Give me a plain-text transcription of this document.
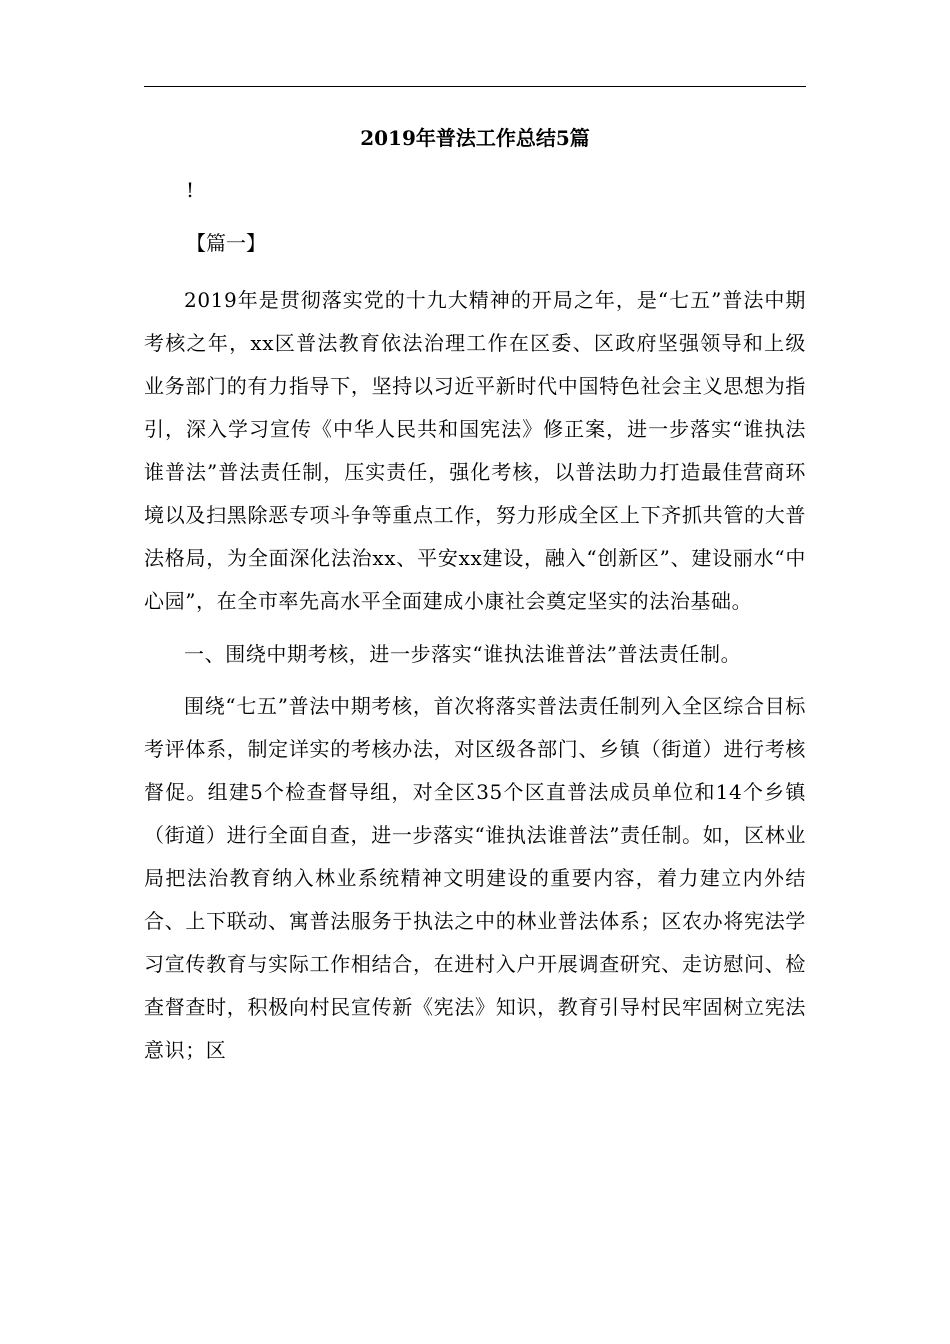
2019年普法工作总结5篇
!
【篇一】

2019年是贯彻落实党的十九大精神的开局之年，是“七五”普法中期考核之年，xx区普法教育依法治理工作在区委、区政府坚强领导和上级业务部门的有力指导下，坚持以习近平新时代中国特色社会主义思想为指引，深入学习宣传《中华人民共和国宪法》修正案，进一步落实“谁执法谁普法”普法责任制，压实责任，强化考核，以普法助力打造最佳营商环境以及扫黑除恶专项斗争等重点工作，努力形成全区上下齐抓共管的大普法格局，为全面深化法治xx、平安xx建设，融入“创新区”、建设丽水“中心园”，在全市率先高水平全面建成小康社会奠定坚实的法治基础。

一、围绕中期考核，进一步落实“谁执法谁普法”普法责任制。

围绕“七五”普法中期考核，首次将落实普法责任制列入全区综合目标考评体系，制定详实的考核办法，对区级各部门、乡镇（街道）进行考核督促。组建5个检查督导组，对全区35个区直普法成员单位和14个乡镇（街道）进行全面自查，进一步落实“谁执法谁普法”责任制。如，区林业局把法治教育纳入林业系统精神文明建设的重要内容，着力建立内外结合、上下联动、寓普法服务于执法之中的林业普法体系；区农办将宪法学习宣传教育与实际工作相结合，在进村入户开展调查研究、走访慰问、检查督查时，积极向村民宣传新《宪法》知识，教育引导村民牢固树立宪法意识；区
